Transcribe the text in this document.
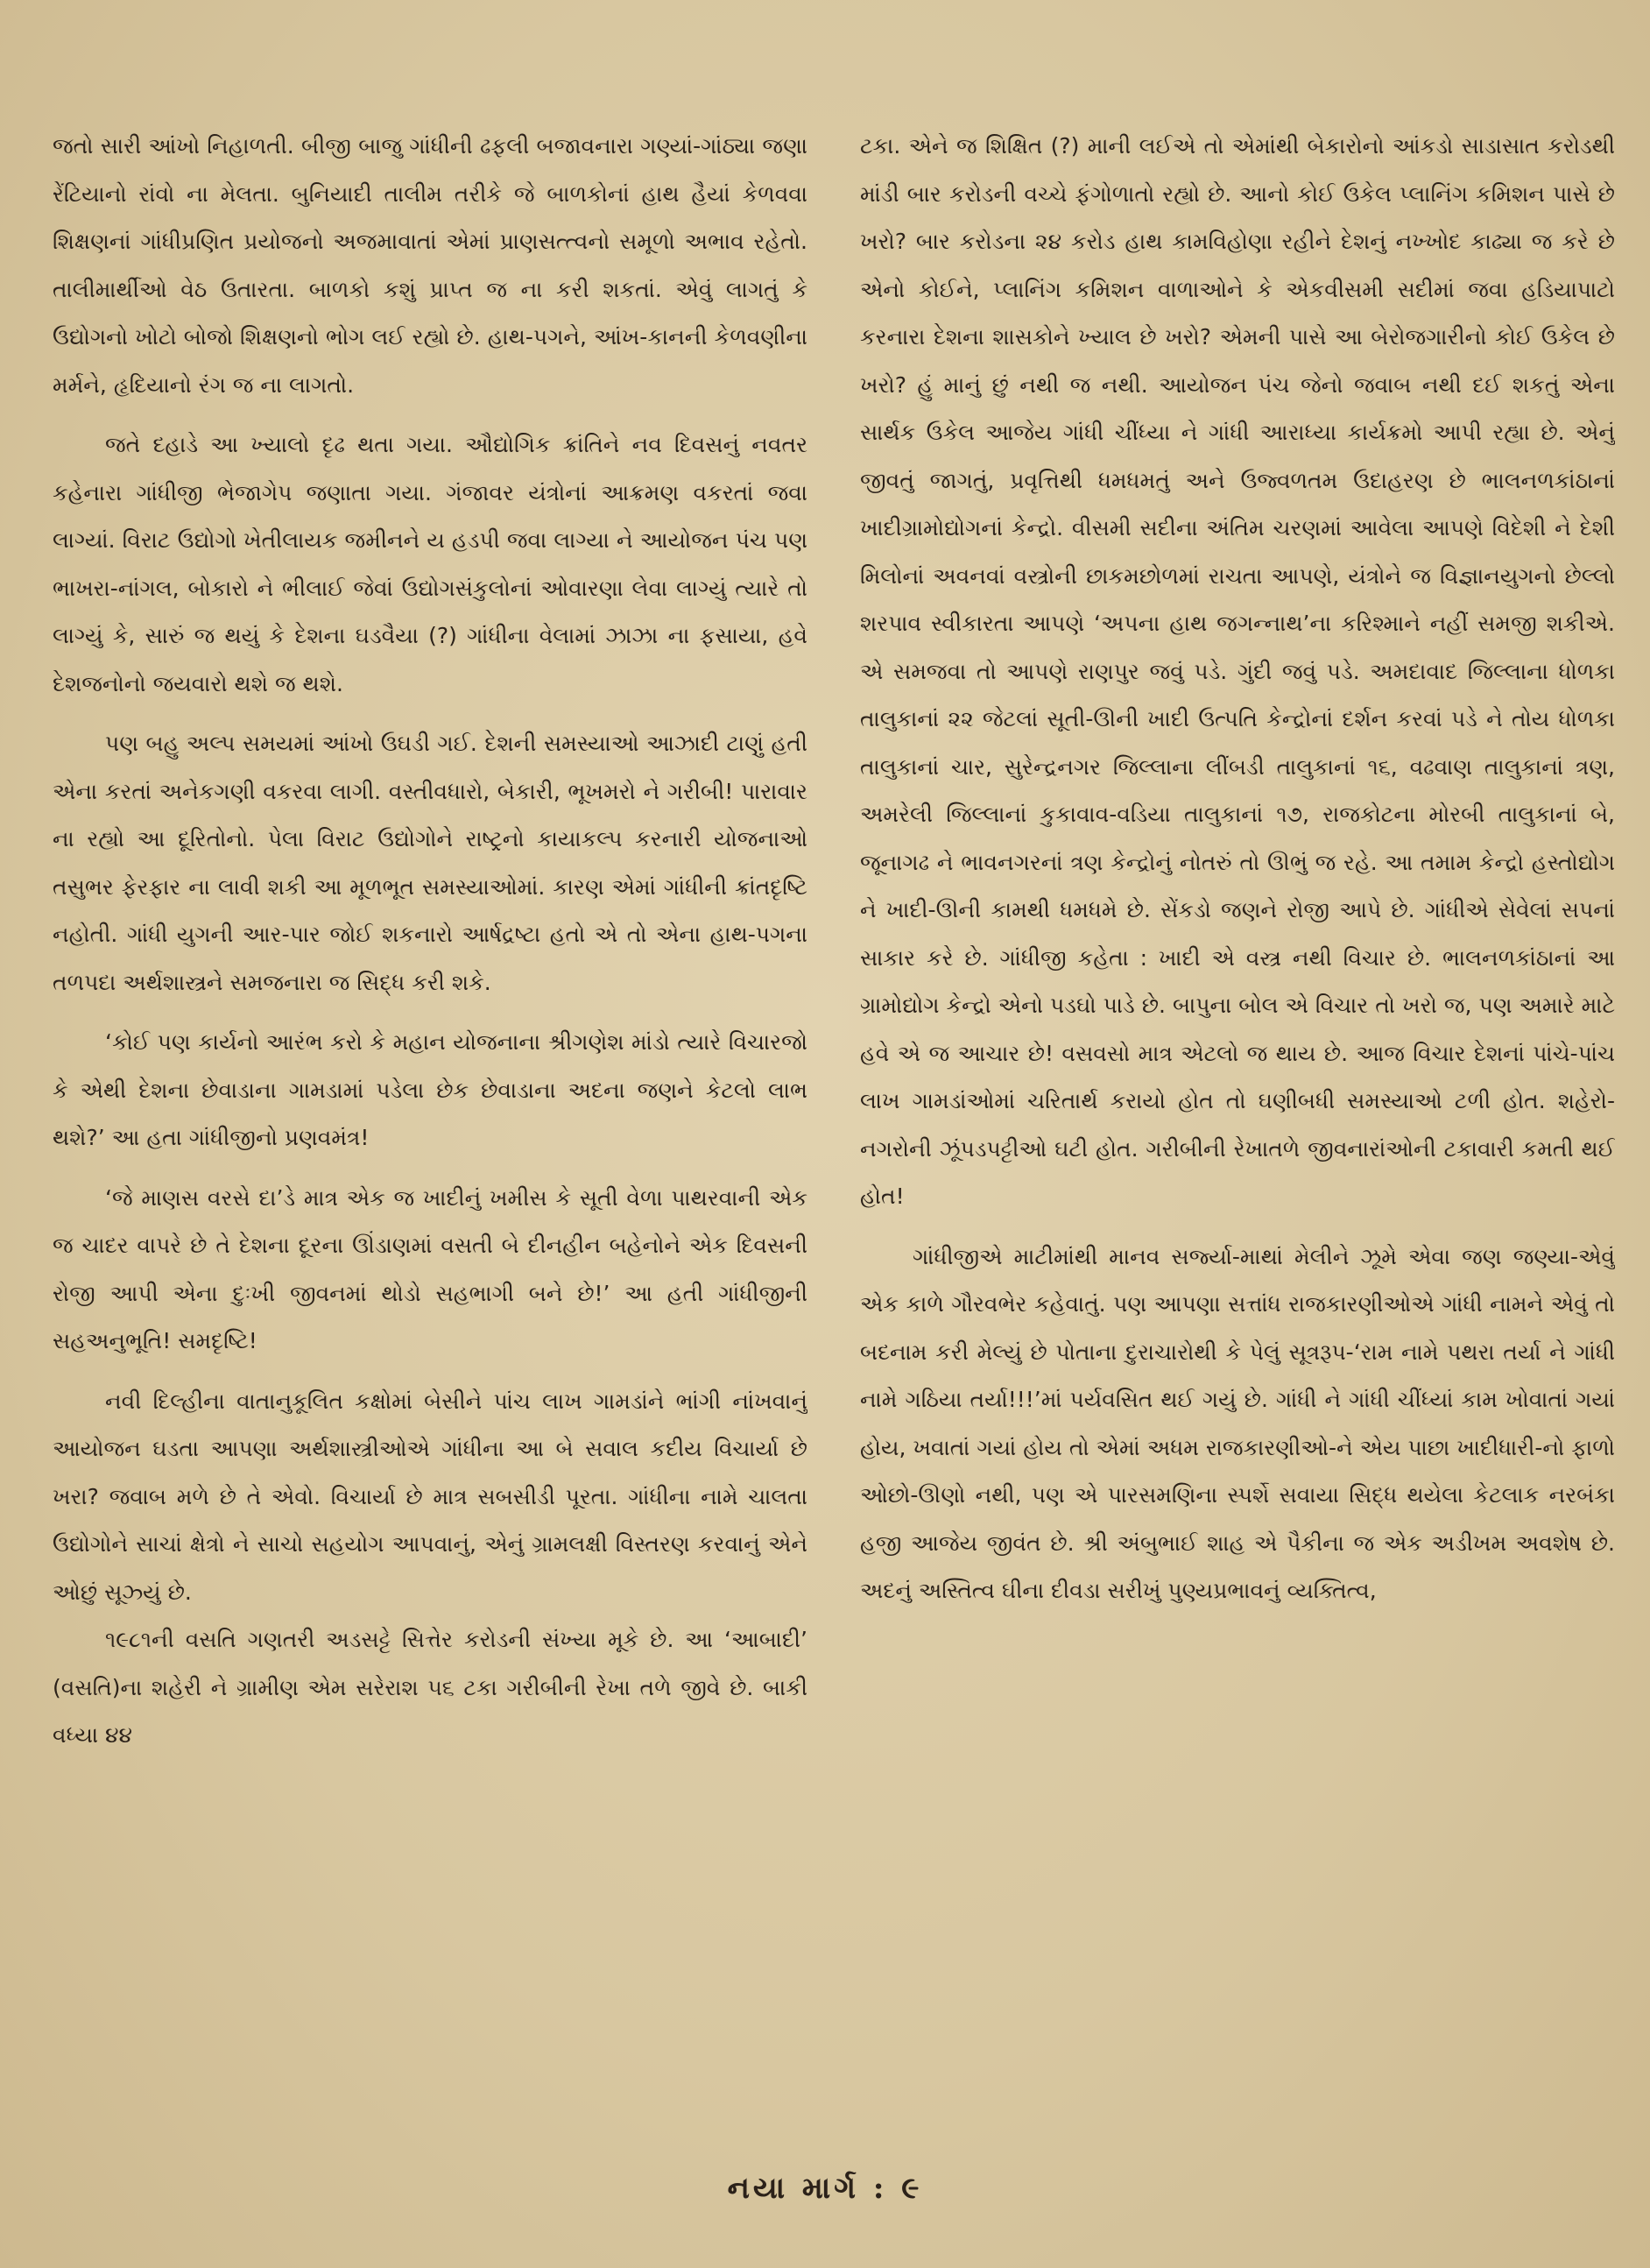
જતો સારી આંખો નિહાળતી. બીજી બાજુ ગાંધીની ઢફલી બજાવનારા ગણ્યાં-ગાંઠ્યા જણા રેંટિયાનો રાંવો ના મેલતા. બુનિયાદી તાલીમ તરીકે જે બાળકોનાં હાથ હૈયાં કેળવવા શિક્ષણનાં ગાંધીપ્રણિત પ્રયોજનો અજમાવાતાં એમાં પ્રાણસત્ત્વનો સમૂળો અભાવ રહેતો. તાલીમાર્થીઓ વેઠ ઉતારતા. બાળકો કશું પ્રાપ્ત જ ના કરી શકતાં. એવું લાગતું કે ઉદ્યોગનો ખોટો બોજો શિક્ષણનો ભોગ લઈ રહ્યો છે. હાથ-પગને, આંખ-કાનની કેળવણીના મર્મને, હૃદિયાનો રંગ જ ના લાગતો.

જતે દહાડે આ ખ્યાલો દૃઢ થતા ગયા. ઔદ્યોગિક ક્રાંતિને નવ દિવસનું નવતર કહેનારા ગાંધીજી ભેજાગેપ જણાતા ગયા. ગંજાવર યંત્રોનાં આક્રમણ વકરતાં જવા લાગ્યાં. વિરાટ ઉદ્યોગો ખેતીલાયક જમીનને ય હડપી જવા લાગ્યા ને આયોજન પંચ પણ ભાખરા-નાંગલ, બોકારો ને ભીલાઈ જેવાં ઉદ્યોગસંકુલોનાં ઓવારણા લેવા લાગ્યું ત્યારે તો લાગ્યું કે, સારું જ થયું કે દેશના ઘડવૈયા (?) ગાંધીના વેલામાં ઝાઝા ના ફસાયા, હવે દેશજનોનો જયવારો થશે જ થશે.

પણ બહુ અલ્પ સમયમાં આંખો ઉઘડી ગઈ. દેશની સમસ્યાઓ આઝાદી ટાણું હતી એના કરતાં અનેકગણી વકરવા લાગી. વસ્તીવધારો, બેકારી, ભૂખમરો ને ગરીબી! પારાવાર ના રહ્યો આ દૂરિતોનો. પેલા વિરાટ ઉદ્યોગોને રાષ્ટ્રનો કાયાકલ્પ કરનારી યોજનાઓ તસુભર ફેરફાર ના લાવી શકી આ મૂળભૂત સમસ્યાઓમાં. કારણ એમાં ગાંધીની ક્રાંતદૃષ્ટિ નહોતી. ગાંધી યુગની આર-પાર જોઈ શકનારો આર્ષદ્રષ્ટા હતો એ તો એના હાથ-પગના તળપદા અર્થશાસ્ત્રને સમજનારા જ સિદ્ધ કરી શકે.

‘કોઈ પણ કાર્યનો આરંભ કરો કે મહાન યોજનાના શ્રીગણેશ માંડો ત્યારે વિચારજો કે એથી દેશના છેવાડાના ગામડામાં પડેલા છેક છેવાડાના અદના જણને કેટલો લાભ થશે?’ આ હતા ગાંધીજીનો પ્રણવમંત્ર!

‘જે માણસ વરસે દા’ડે માત્ર એક જ ખાદીનું ખમીસ કે સૂતી વેળા પાથરવાની એક જ ચાદર વાપરે છે તે દેશના દૂરના ઊંડાણમાં વસતી બે દીનહીન બહેનોને એક દિવસની રોજી આપી એના દુઃખી જીવનમાં થોડો સહભાગી બને છે!’ આ હતી ગાંધીજીની સહઅનુભૂતિ! સમદૃષ્ટિ!

નવી દિલ્હીના વાતાનુકૂલિત કક્ષોમાં બેસીને પાંચ લાખ ગામડાંને ભાંગી નાંખવાનું આયોજન ઘડતા આપણા અર્થશાસ્ત્રીઓએ ગાંધીના આ બે સવાલ કદીય વિચાર્યા છે ખરા? જવાબ મળે છે તે એવો. વિચાર્યા છે માત્ર સબસીડી પૂરતા. ગાંધીના નામે ચાલતા ઉદ્યોગોને સાચાં ક્ષેત્રો ને સાચો સહયોગ આપવાનું, એનું ગ્રામલક્ષી વિસ્તરણ કરવાનું એને ઓછું સૂઝ્યું છે.

૧૯૮૧ની વસતિ ગણતરી અડસટ્ટે સિત્તેર કરોડની સંખ્યા મૂકે છે. આ ‘આબાદી’ (વસતિ)ના શહેરી ને ગ્રામીણ એમ સરેરાશ ૫૬ ટકા ગરીબીની રેખા તળે જીવે છે. બાકી વધ્યા ૪૪

ટકા. એને જ શિક્ષિત (?) માની લઈએ તો એમાંથી બેકારોનો આંકડો સાડાસાત કરોડથી માંડી બાર કરોડની વચ્ચે ફંગોળાતો રહ્યો છે. આનો કોઈ ઉકેલ પ્લાનિંગ કમિશન પાસે છે ખરો? બાર કરોડના ૨૪ કરોડ હાથ કામવિહોણા રહીને દેશનું નખ્ખોદ કાઢ્યા જ કરે છે એનો કોઈને, પ્લાનિંગ કમિશન વાળાઓને કે એકવીસમી સદીમાં જવા હડિયાપાટો કરનારા દેશના શાસકોને ખ્યાલ છે ખરો? એમની પાસે આ બેરોજગારીનો કોઈ ઉકેલ છે ખરો? હું માનું છું નથી જ નથી. આયોજન પંચ જેનો જવાબ નથી દઈ શકતું એના સાર્થક ઉકેલ આજેય ગાંધી ચીંધ્યા ને ગાંધી આરાધ્યા કાર્યક્રમો આપી રહ્યા છે. એનું જીવતું જાગતું, પ્રવૃત્તિથી ધમધમતું અને ઉજ્વળતમ ઉદાહરણ છે ભાલનળકાંઠાનાં ખાદીગ્રામોદ્યોગનાં કેન્દ્રો. વીસમી સદીના અંતિમ ચરણમાં આવેલા આપણે વિદેશી ને દેશી મિલોનાં અવનવાં વસ્ત્રોની છાકમછોળમાં રાચતા આપણે, યંત્રોને જ વિજ્ઞાનયુગનો છેલ્લો શરપાવ સ્વીકારતા આપણે ‘અપના હાથ જગન્નાથ’ના કરિશ્માને નહીં સમજી શકીએ. એ સમજવા તો આપણે રાણપુર જવું પડે. ગુંદી જવું પડે. અમદાવાદ જિલ્લાના ધોળકા તાલુકાનાં ૨૨ જેટલાં સૂતી-ઊની ખાદી ઉત્પતિ કેન્દ્રોનાં દર્શન કરવાં પડે ને તોય ધોળકા તાલુકાનાં ચાર, સુરેન્દ્રનગર જિલ્લાના લીંબડી તાલુકાનાં ૧૬, વઢવાણ તાલુકાનાં ત્રણ, અમરેલી જિલ્લાનાં કુકાવાવ-વડિયા તાલુકાનાં ૧૭, રાજકોટના મોરબી તાલુકાનાં બે, જૂનાગઢ ને ભાવનગરનાં ત્રણ કેન્દ્રોનું નોતરું તો ઊભું જ રહે. આ તમામ કેન્દ્રો હસ્તોદ્યોગ ને ખાદી-ઊની કામથી ધમધમે છે. સેંકડો જણને રોજી આપે છે. ગાંધીએ સેવેલાં સપનાં સાકાર કરે છે. ગાંધીજી કહેતા : ખાદી એ વસ્ત્ર નથી વિચાર છે. ભાલનળકાંઠાનાં આ ગ્રામોદ્યોગ કેન્દ્રો એનો પડઘો પાડે છે. બાપુના બોલ એ વિચાર તો ખરો જ, પણ અમારે માટે હવે એ જ આચાર છે! વસવસો માત્ર એટલો જ થાય છે. આજ વિચાર દેશનાં પાંચે-પાંચ લાખ ગામડાંઓમાં ચરિતાર્થ કરાયો હોત તો ઘણીબધી સમસ્યાઓ ટળી હોત. શહેરો-નગરોની ઝૂંપડપટ્ટીઓ ઘટી હોત. ગરીબીની રેખાતળે જીવનારાંઓની ટકાવારી કમતી થઈ હોત!

ગાંધીજીએ માટીમાંથી માનવ સર્જ્યા-માથાં મેલીને ઝૂમે એવા જણ જણ્યા-એવું એક કાળે ગૌરવભેર કહેવાતું. પણ આપણા સત્તાંધ રાજકારણીઓએ ગાંધી નામને એવું તો બદનામ કરી મેલ્યું છે પોતાના દુરાચારોથી કે પેલું સૂત્રરૂપ-‘રામ નામે પથરા તર્યા ને ગાંધી નામે ગઠિયા તર્યા!!!’માં પર્યવસિત થઈ ગયું છે. ગાંધી ને ગાંધી ચીંધ્યાં કામ ખોવાતાં ગયાં હોય, ખવાતાં ગયાં હોય તો એમાં અધમ રાજકારણીઓ-ને એય પાછા ખાદીધારી-નો ફાળો ઓછો-ઊણો નથી, પણ એ પારસમણિના સ્પર્શે સવાયા સિદ્ધ થયેલા કેટલાક નરબંકા હજી આજેય જીવંત છે. શ્રી અંબુભાઈ શાહ એ પૈકીના જ એક અડીખમ અવશેષ છે. અદનું અસ્તિત્વ ઘીના દીવડા સરીખું પુણ્યપ્રભાવનું વ્યક્તિત્વ,

નયા માર્ગ : ૯
